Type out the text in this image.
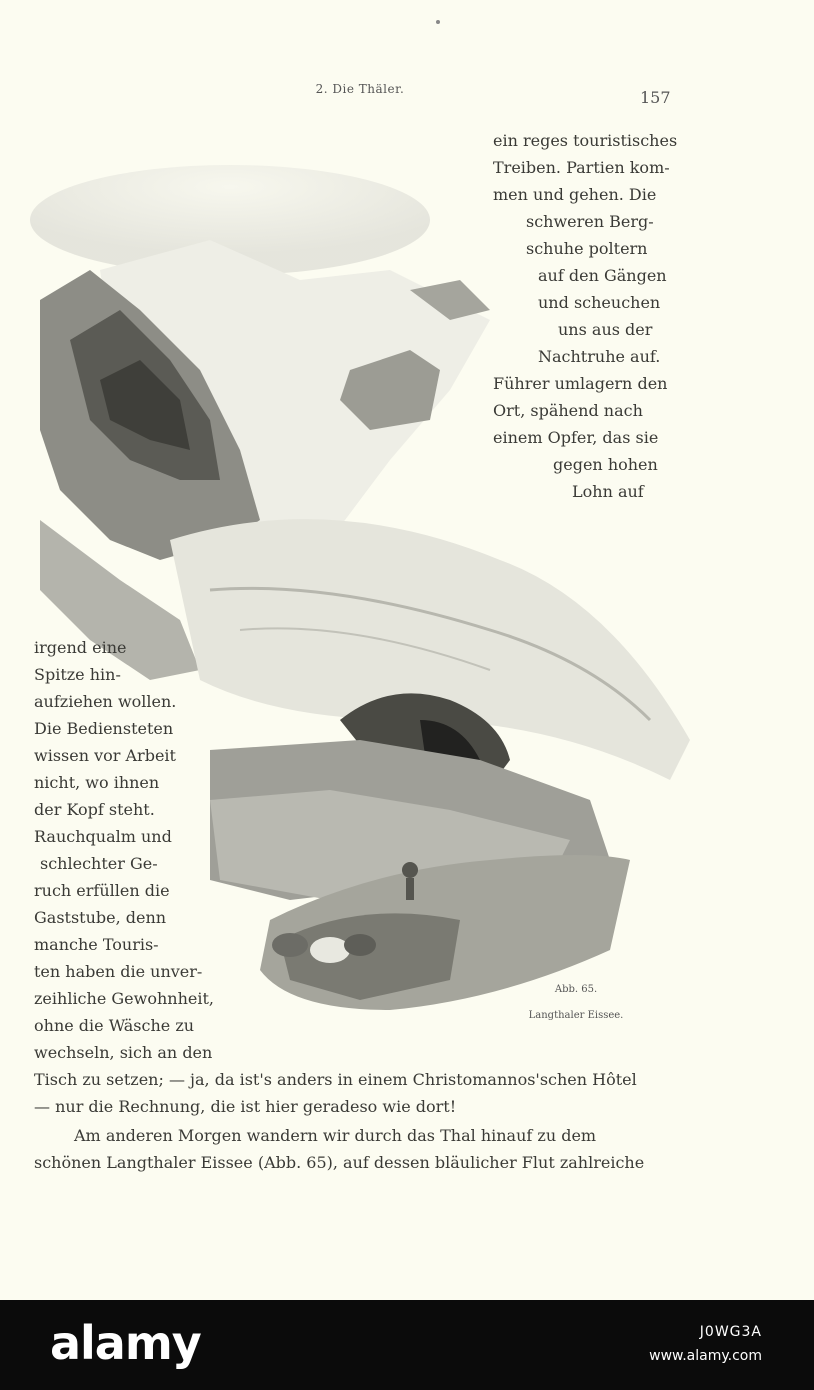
2. Die Thäler.	157
ein reges touristisches
Treiben. Partien kom-
men und gehen. Die
schweren Berg-
schuhe poltern
auf den Gängen
und scheuchen
uns aus der
Nachtruhe auf.
Führer umlagern den
Ort, spähend nach
einem Opfer, das sie
gegen hohen
Lohn auf
irgend eine
Spitze hin-
aufziehen wollen.
Die Bediensteten
wissen vor Arbeit
nicht, wo ihnen
der Kopf steht.
Rauchqualm und
schlechter Ge-
ruch erfüllen die
Gaststube, denn
manche Touris-
ten haben die unver-
zeihliche Gewohnheit,
ohne die Wäsche zu
wechseln, sich an den
Tisch zu setzen; — ja, da ist's anders in einem Christomannos'schen Hôtel
— nur die Rechnung, die ist hier geradeso wie dort!
Am anderen Morgen wandern wir durch das Thal hinauf zu dem
schönen Langthaler Eissee (Abb. 65), auf dessen bläulicher Flut zahlreiche
Abb. 65.
Langthaler Eissee.
alamy	J0WG3A
www.alamy.com
